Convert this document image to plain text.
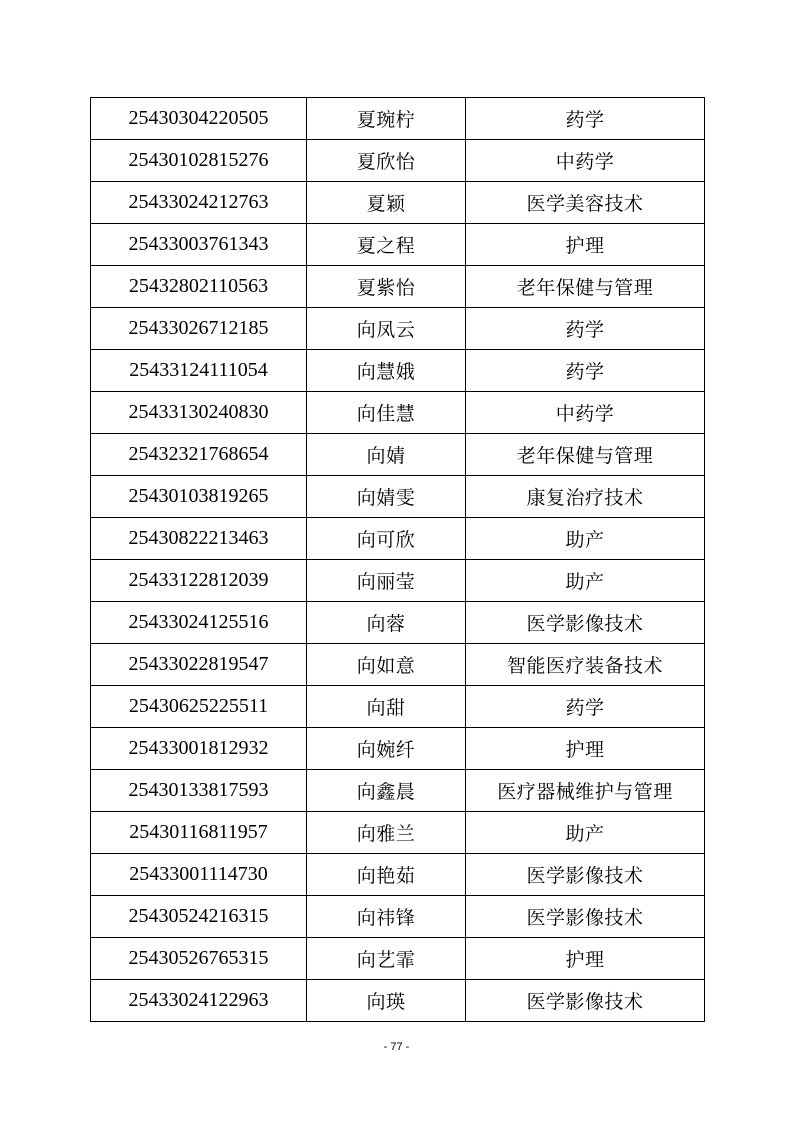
25430304220505	夏琬柠	药学
25430102815276	夏欣怡	中药学
25433024212763	夏颖	医学美容技术
25433003761343	夏之程	护理
25432802110563	夏紫怡	老年保健与管理
25433026712185	向凤云	药学
25433124111054	向慧娥	药学
25433130240830	向佳慧	中药学
25432321768654	向婧	老年保健与管理
25430103819265	向婧雯	康复治疗技术
25430822213463	向可欣	助产
25433122812039	向丽莹	助产
25433024125516	向蓉	医学影像技术
25433022819547	向如意	智能医疗装备技术
25430625225511	向甜	药学
25433001812932	向婉纤	护理
25430133817593	向鑫晨	医疗器械维护与管理
25430116811957	向雅兰	助产
25433001114730	向艳茹	医学影像技术
25430524216315	向祎锋	医学影像技术
25430526765315	向艺霏	护理
25433024122963	向瑛	医学影像技术
- 77 -
